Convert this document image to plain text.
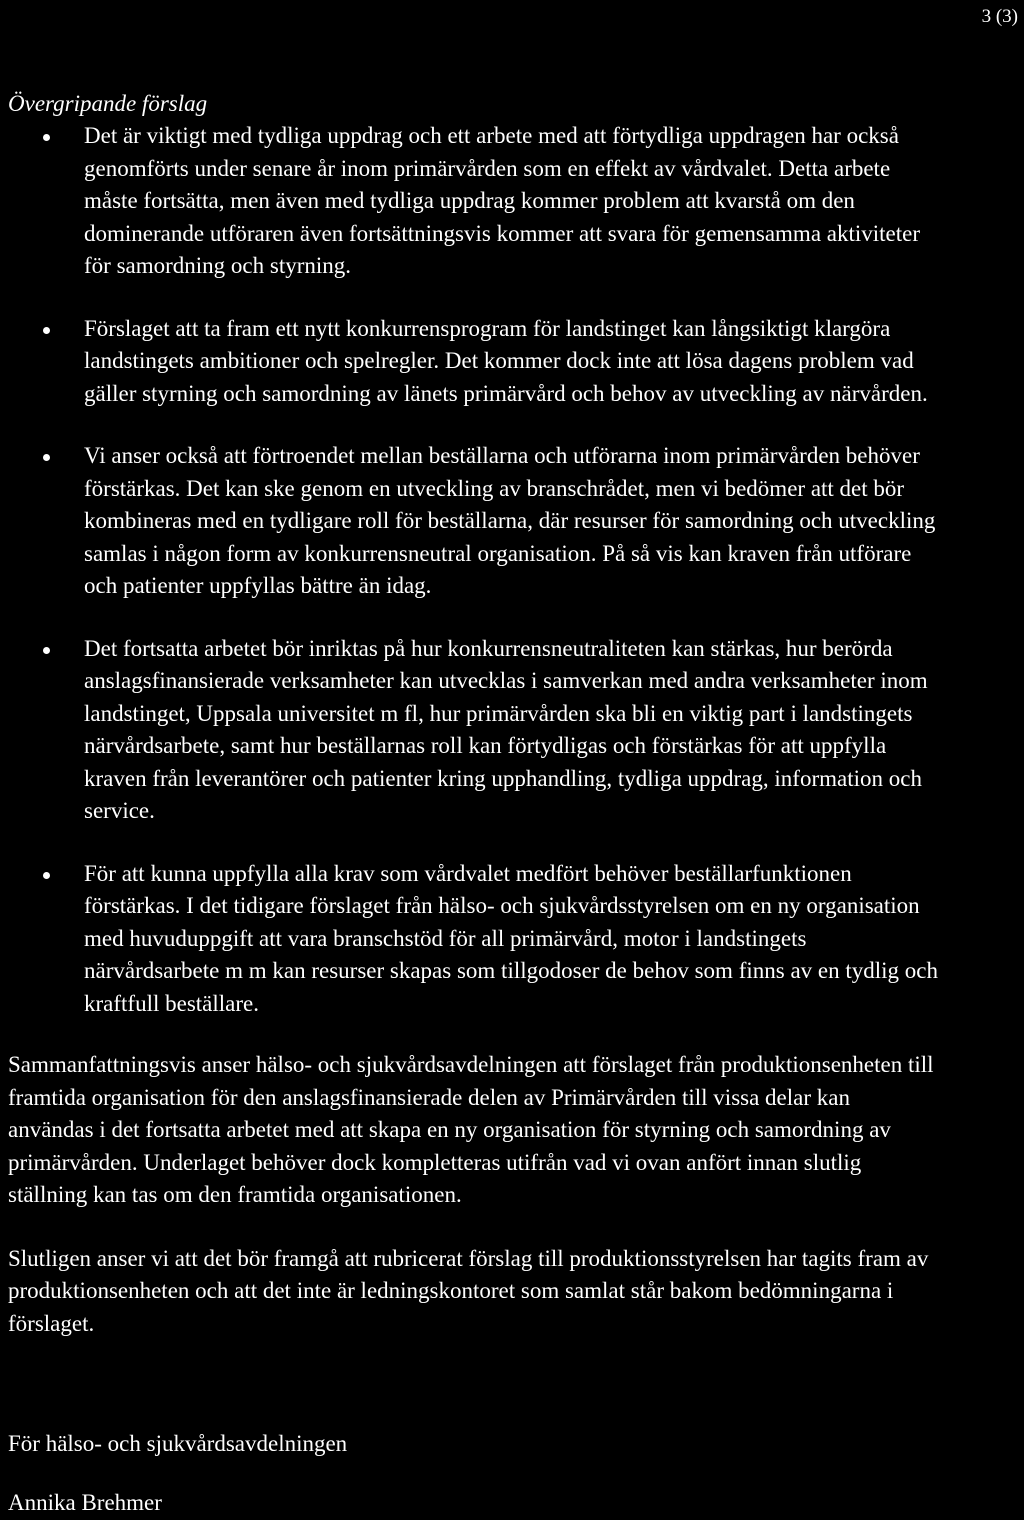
3 (3)

Övergripande förslag

Det är viktigt med tydliga uppdrag och ett arbete med att förtydliga uppdragen har också genomförts under senare år inom primärvården som en effekt av vårdvalet. Detta arbete måste fortsätta, men även med tydliga uppdrag kommer problem att kvarstå om den dominerande utföraren även fortsättningsvis kommer att svara för gemensamma aktiviteter för samordning och styrning.
Förslaget att ta fram ett nytt konkurrensprogram för landstinget kan långsiktigt klargöra landstingets ambitioner och spelregler. Det kommer dock inte att lösa dagens problem vad gäller styrning och samordning av länets primärvård och behov av utveckling av närvården.
Vi anser också att förtroendet mellan beställarna och utförarna inom primärvården behöver förstärkas. Det kan ske genom en utveckling av branschrådet, men vi bedömer att det bör kombineras med en tydligare roll för beställarna, där resurser för samordning och utveckling samlas i någon form av konkurrensneutral organisation. På så vis kan kraven från utförare och patienter uppfyllas bättre än idag.
Det fortsatta arbetet bör inriktas på hur konkurrensneutraliteten kan stärkas, hur berörda anslagsfinansierade verksamheter kan utvecklas i samverkan med andra verksamheter inom landstinget, Uppsala universitet m fl, hur primärvården ska bli en viktig part i landstingets närvårdsarbete, samt hur beställarnas roll kan förtydligas och förstärkas för att uppfylla kraven från leverantörer och patienter kring upphandling, tydliga uppdrag, information och service.
För att kunna uppfylla alla krav som vårdvalet medfört behöver beställarfunktionen förstärkas. I det tidigare förslaget från hälso- och sjukvårdsstyrelsen om en ny organisation med huvuduppgift att vara branschstöd för all primärvård, motor i landstingets närvårdsarbete m m kan resurser skapas som tillgodoser de behov som finns av en tydlig och kraftfull beställare.

Sammanfattningsvis anser hälso- och sjukvårdsavdelningen att förslaget från produktionsenheten till framtida organisation för den anslagsfinansierade delen av Primärvården till vissa delar kan användas i det fortsatta arbetet med att skapa en ny organisation för styrning och samordning av primärvården. Underlaget behöver dock kompletteras utifrån vad vi ovan anfört innan slutlig ställning kan tas om den framtida organisationen.

Slutligen anser vi att det bör framgå att rubricerat förslag till produktionsstyrelsen har tagits fram av produktionsenheten och att det inte är ledningskontoret som samlat står bakom bedömningarna i förslaget.

För hälso- och sjukvårdsavdelningen

Annika Brehmer
